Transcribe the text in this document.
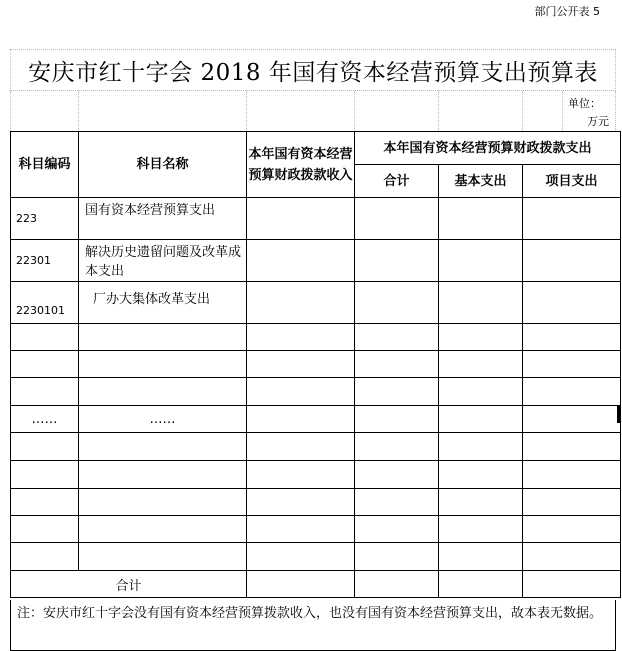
部门公开表 5
安庆市红十字会 2018 年国有资本经营预算支出预算表
单位：
万元
科目编码	科目名称	本年国有资本经营预算财政拨款收入	本年国有资本经营预算财政拨款支出		
			合计	基本支出	项目支出
223	国有资本经营预算支出				
22301	解决历史遗留问题及改革成本支出				
2230101	厂办大集体改革支出				

……	……				

合计					
注：安庆市红十字会没有国有资本经营预算拨款收入，也没有国有资本经营预算支出，故本表无数据。
